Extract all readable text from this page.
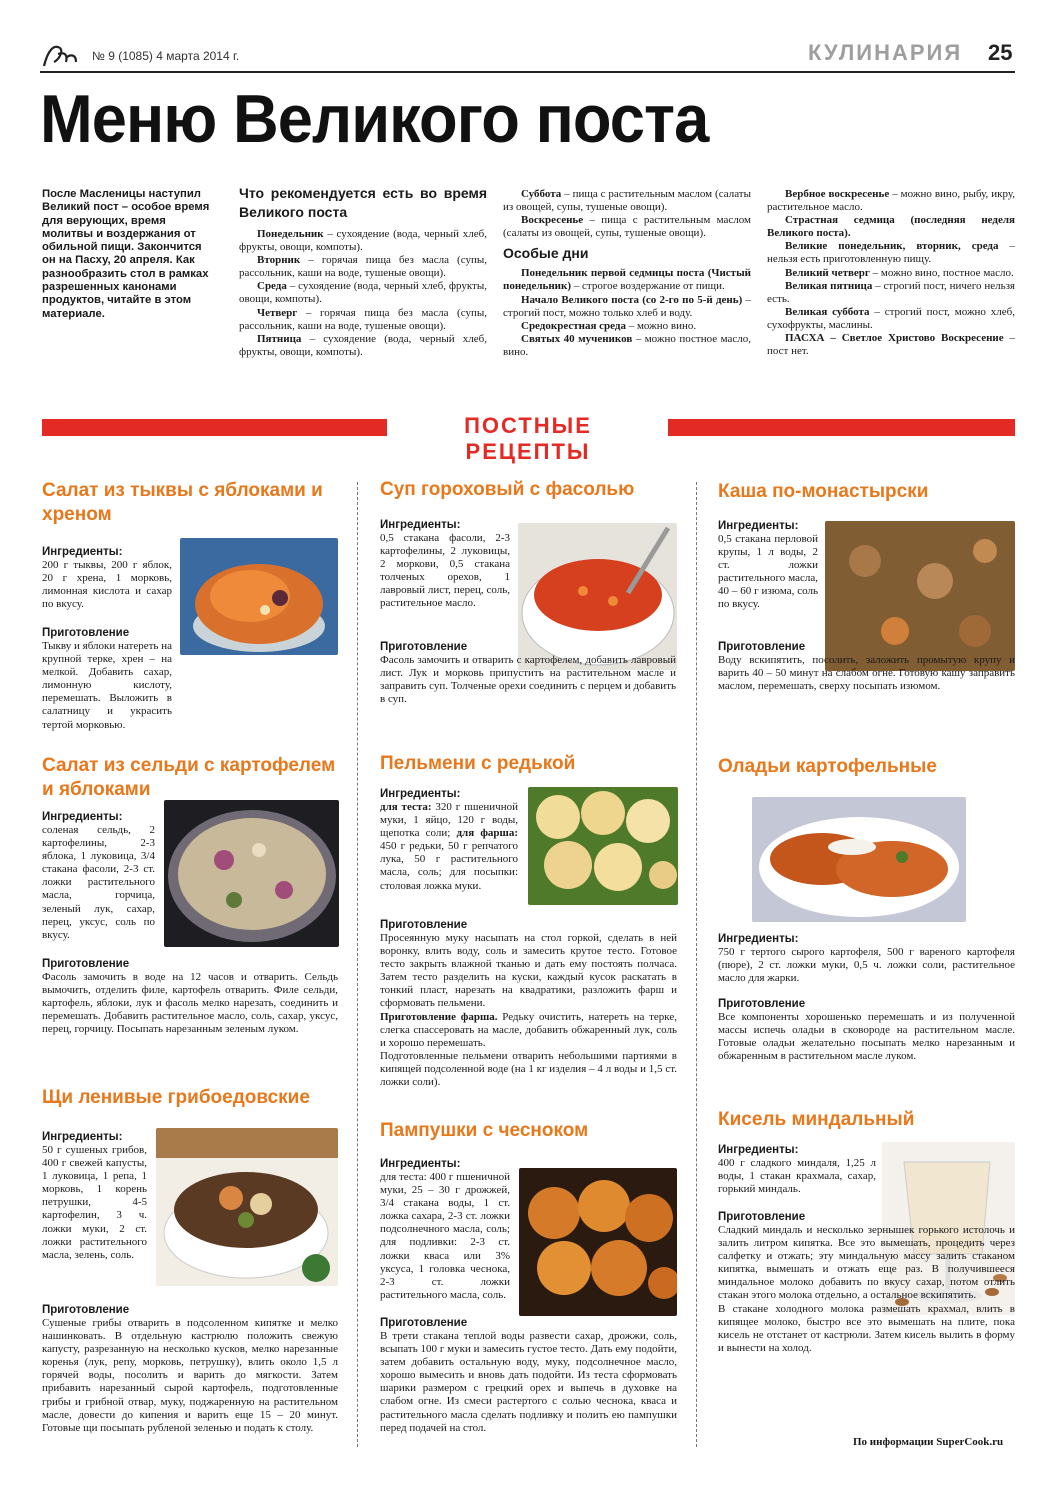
№ 9 (1085) 4 марта 2014 г.	КУЛИНАРИЯ 25
Меню Великого поста
После Масленицы наступил Великий пост – особое время для верующих, время молитвы и воздержания от обильной пищи. Закончится он на Пасху, 20 апреля. Как разнообразить стол в рамках разрешенных канонами продуктов, читайте в этом материале.
Что рекомендуется есть во время Великого поста

Понедельник – сухоядение (вода, черный хлеб, фрукты, овощи, компоты).

Вторник – горячая пища без масла (супы, рассольник, каши на воде, тушеные овощи).

Среда – сухоядение (вода, черный хлеб, фрукты, овощи, компоты).

Четверг – горячая пища без масла (супы, рассольник, каши на воде, тушеные овощи).

Пятница – сухоядение (вода, черный хлеб, фрукты, овощи, компоты).

Суббота – пища с растительным маслом (салаты из овощей, супы, тушеные овощи).

Воскресенье – пища с растительным маслом (салаты из овощей, супы, тушеные овощи).

Особые дни

Понедельник первой седмицы поста (Чистый понедельник) – строгое воздержание от пищи.

Начало Великого поста (со 2-го по 5-й день) – строгий пост, можно только хлеб и воду.

Средокрестная среда – можно вино.

Святых 40 мучеников – можно постное масло, вино.

Вербное воскресенье – можно вино, рыбу, икру, растительное масло.

Страстная седмица (последняя неделя Великого поста).

Великие понедельник, вторник, среда – нельзя есть приготовленную пищу.

Великий четверг – можно вино, постное масло.

Великая пятница – строгий пост, ничего нельзя есть.

Великая суббота – строгий пост, можно хлеб, сухофрукты, маслины.

ПАСХА – Светлое Христово Воскресение – пост нет.

ПОСТНЫЕ РЕЦЕПТЫ
Салат из тыквы с яблоками и хреном
Ингредиенты:
200 г тыквы, 200 г яблок, 20 г хрена, 1 морковь, лимонная кислота и сахар по вкусу.
Приготовление
Тыкву и яблоки натереть на крупной терке, хрен – на мелкой. Добавить сахар, лимонную кислоту, перемешать. Выложить в салатницу и украсить тертой морковью.
Салат из сельди с картофелем и яблоками
Ингредиенты:
соленая сельдь, 2 картофелины, 2-3 яблока, 1 луковица, 3/4 стакана фасоли, 2-3 ст. ложки растительного масла, горчица, зеленый лук, сахар, перец, уксус, соль по вкусу.
Приготовление
Фасоль замочить в воде на 12 часов и отварить. Сельдь вымочить, отделить филе, картофель отварить. Филе сельди, картофель, яблоки, лук и фасоль мелко нарезать, соединить и перемешать. Добавить растительное масло, соль, сахар, уксус, перец, горчицу. Посыпать нарезанным зеленым луком.
Щи ленивые грибоедовские
Ингредиенты:
50 г сушеных грибов, 400 г свежей капусты, 1 луковица, 1 репа, 1 морковь, 1 корень петрушки, 4-5 картофелин, 3 ч. ложки муки, 2 ст. ложки растительного масла, зелень, соль.
Приготовление
Сушеные грибы отварить в подсоленном кипятке и мелко нашинковать. В отдельную кастрюлю положить свежую капусту, разрезанную на несколько кусков, мелко нарезанные коренья (лук, репу, морковь, петрушку), влить около 1,5 л горячей воды, посолить и варить до мягкости. Затем прибавить нарезанный сырой картофель, подготовленные грибы и грибной отвар, муку, поджаренную на растительном масле, довести до кипения и варить еще 15 – 20 минут. Готовые щи посыпать рубленой зеленью и подать к столу.
Суп гороховый с фасолью
Ингредиенты:
0,5 стакана фасоли, 2-3 картофелины, 2 луковицы, 2 моркови, 0,5 стакана толченых орехов, 1 лавровый лист, перец, соль, растительное масло.
Приготовление
Фасоль замочить и отварить с картофелем, добавить лавровый лист. Лук и морковь припустить на растительном масле и заправить суп. Толченые орехи соединить с перцем и добавить в суп.
Пельмени с редькой
Ингредиенты:
для теста: 320 г пшеничной муки, 1 яйцо, 120 г воды, щепотка соли; для фарша: 450 г редьки, 50 г репчатого лука, 50 г растительного масла, соль; для посыпки: столовая ложка муки.
Приготовление
Просеянную муку насыпать на стол горкой, сделать в ней воронку, влить воду, соль и замесить крутое тесто. Готовое тесто закрыть влажной тканью и дать ему постоять полчаса. Затем тесто разделить на куски, каждый кусок раскатать в тонкий пласт, нарезать на квадратики, разложить фарш и сформовать пельмени.
Приготовление фарша. Редьку очистить, натереть на терке, слегка спассеровать на масле, добавить обжаренный лук, соль и хорошо перемешать.
Подготовленные пельмени отварить небольшими партиями в кипящей подсоленной воде (на 1 кг изделия – 4 л воды и 1,5 ст. ложки соли).
Пампушки с чесноком
Ингредиенты:
для теста: 400 г пшеничной муки, 25 – 30 г дрожжей, 3/4 стакана воды, 1 ст. ложка сахара, 2-3 ст. ложки подсолнечного масла, соль; для подливки: 2-3 ст. ложки кваса или 3% уксуса, 1 головка чеснока, 2-3 ст. ложки растительного масла, соль.
Приготовление
В трети стакана теплой воды развести сахар, дрожжи, соль, всыпать 100 г муки и замесить густое тесто. Дать ему подойти, затем добавить остальную воду, муку, подсолнечное масло, хорошо вымесить и вновь дать подойти. Из теста сформовать шарики размером с грецкий орех и выпечь в духовке на слабом огне. Из смеси растертого с солью чеснока, кваса и растительного масла сделать подливку и полить ею пампушки перед подачей на стол.
Каша по-монастырски
Ингредиенты:
0,5 стакана перловой крупы, 1 л воды, 2 ст. ложки растительного масла, 40 – 60 г изюма, соль по вкусу.
Приготовление
Воду вскипятить, посолить, заложить промытую крупу и варить 40 – 50 минут на слабом огне. Готовую кашу заправить маслом, перемешать, сверху посыпать изюмом.
Оладьи картофельные
Ингредиенты:
750 г тертого сырого картофеля, 500 г вареного картофеля (пюре), 2 ст. ложки муки, 0,5 ч. ложки соли, растительное масло для жарки.
Приготовление
Все компоненты хорошенько перемешать и из полученной массы испечь оладьи в сковороде на растительном масле. Готовые оладьи желательно посыпать мелко нарезанным и обжаренным в растительном масле луком.
Кисель миндальный
Ингредиенты:
400 г сладкого миндаля, 1,25 л воды, 1 стакан крахмала, сахар, горький миндаль.
Приготовление
Сладкий миндаль и несколько зернышек горького истолочь и залить литром кипятка. Все это вымешать, процедить через салфетку и отжать; эту миндальную массу залить стаканом кипятка, вымешать и отжать еще раз. В получившееся миндальное молоко добавить по вкусу сахар, потом отлить стакан этого молока отдельно, а остальное вскипятить.
В стакане холодного молока размешать крахмал, влить в кипящее молоко, быстро все это вымешать на плите, пока кисель не отстанет от кастрюли. Затем кисель вылить в форму и вынести на холод.
По информации SuperCook.ru
